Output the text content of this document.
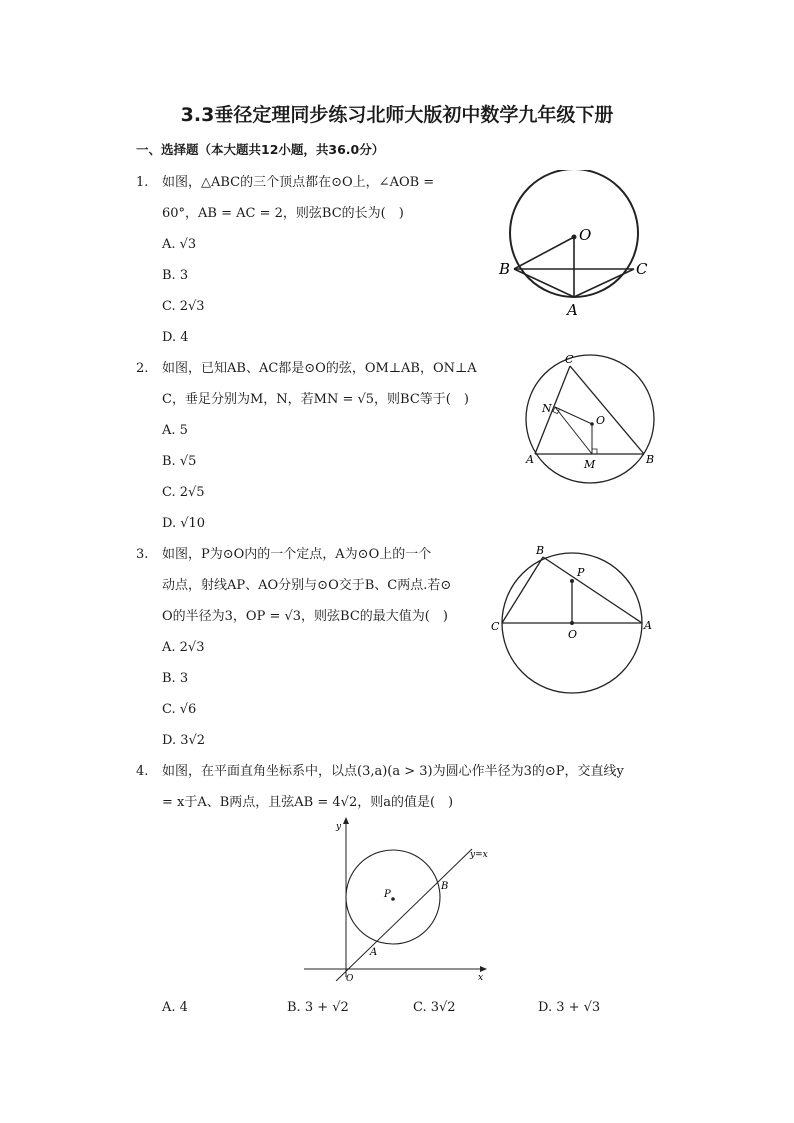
3.3垂径定理同步练习北师大版初中数学九年级下册
一、选择题（本大题共12小题，共36.0分）
1.	如图，△ABC的三个顶点都在⊙O上，∠AOB =
60°，AB = AC = 2，则弦BC的长为(　)
A. √3
B. 3
C. 2√3
D. 4
O
B	C
A
2.	如图，已知AB、AC都是⊙O的弦，OM⊥AB，ON⊥A
C，垂足分别为M，N，若MN = √5，则BC等于(　)
A. 5
B. √5
C. 2√5
D. √10
C
N
O
A	M	B
3.	如图，P为⊙O内的一个定点，A为⊙O上的一个
动点，射线AP、AO分别与⊙O交于B、C两点.若⊙
O的半径为3，OP = √3，则弦BC的最大值为(　)
A. 2√3
B. 3
C. √6
D. 3√2
B
P
C
O
A
4.	如图，在平面直角坐标系中，以点(3,a)(a > 3)为圆心作半径为3的⊙P，交直线y
= x于A、B两点，且弦AB = 4√2，则a的值是(　)
y
y=x
P
B
A
O	x
A. 4	B. 3 + √2	C. 3√2	D. 3 + √3
